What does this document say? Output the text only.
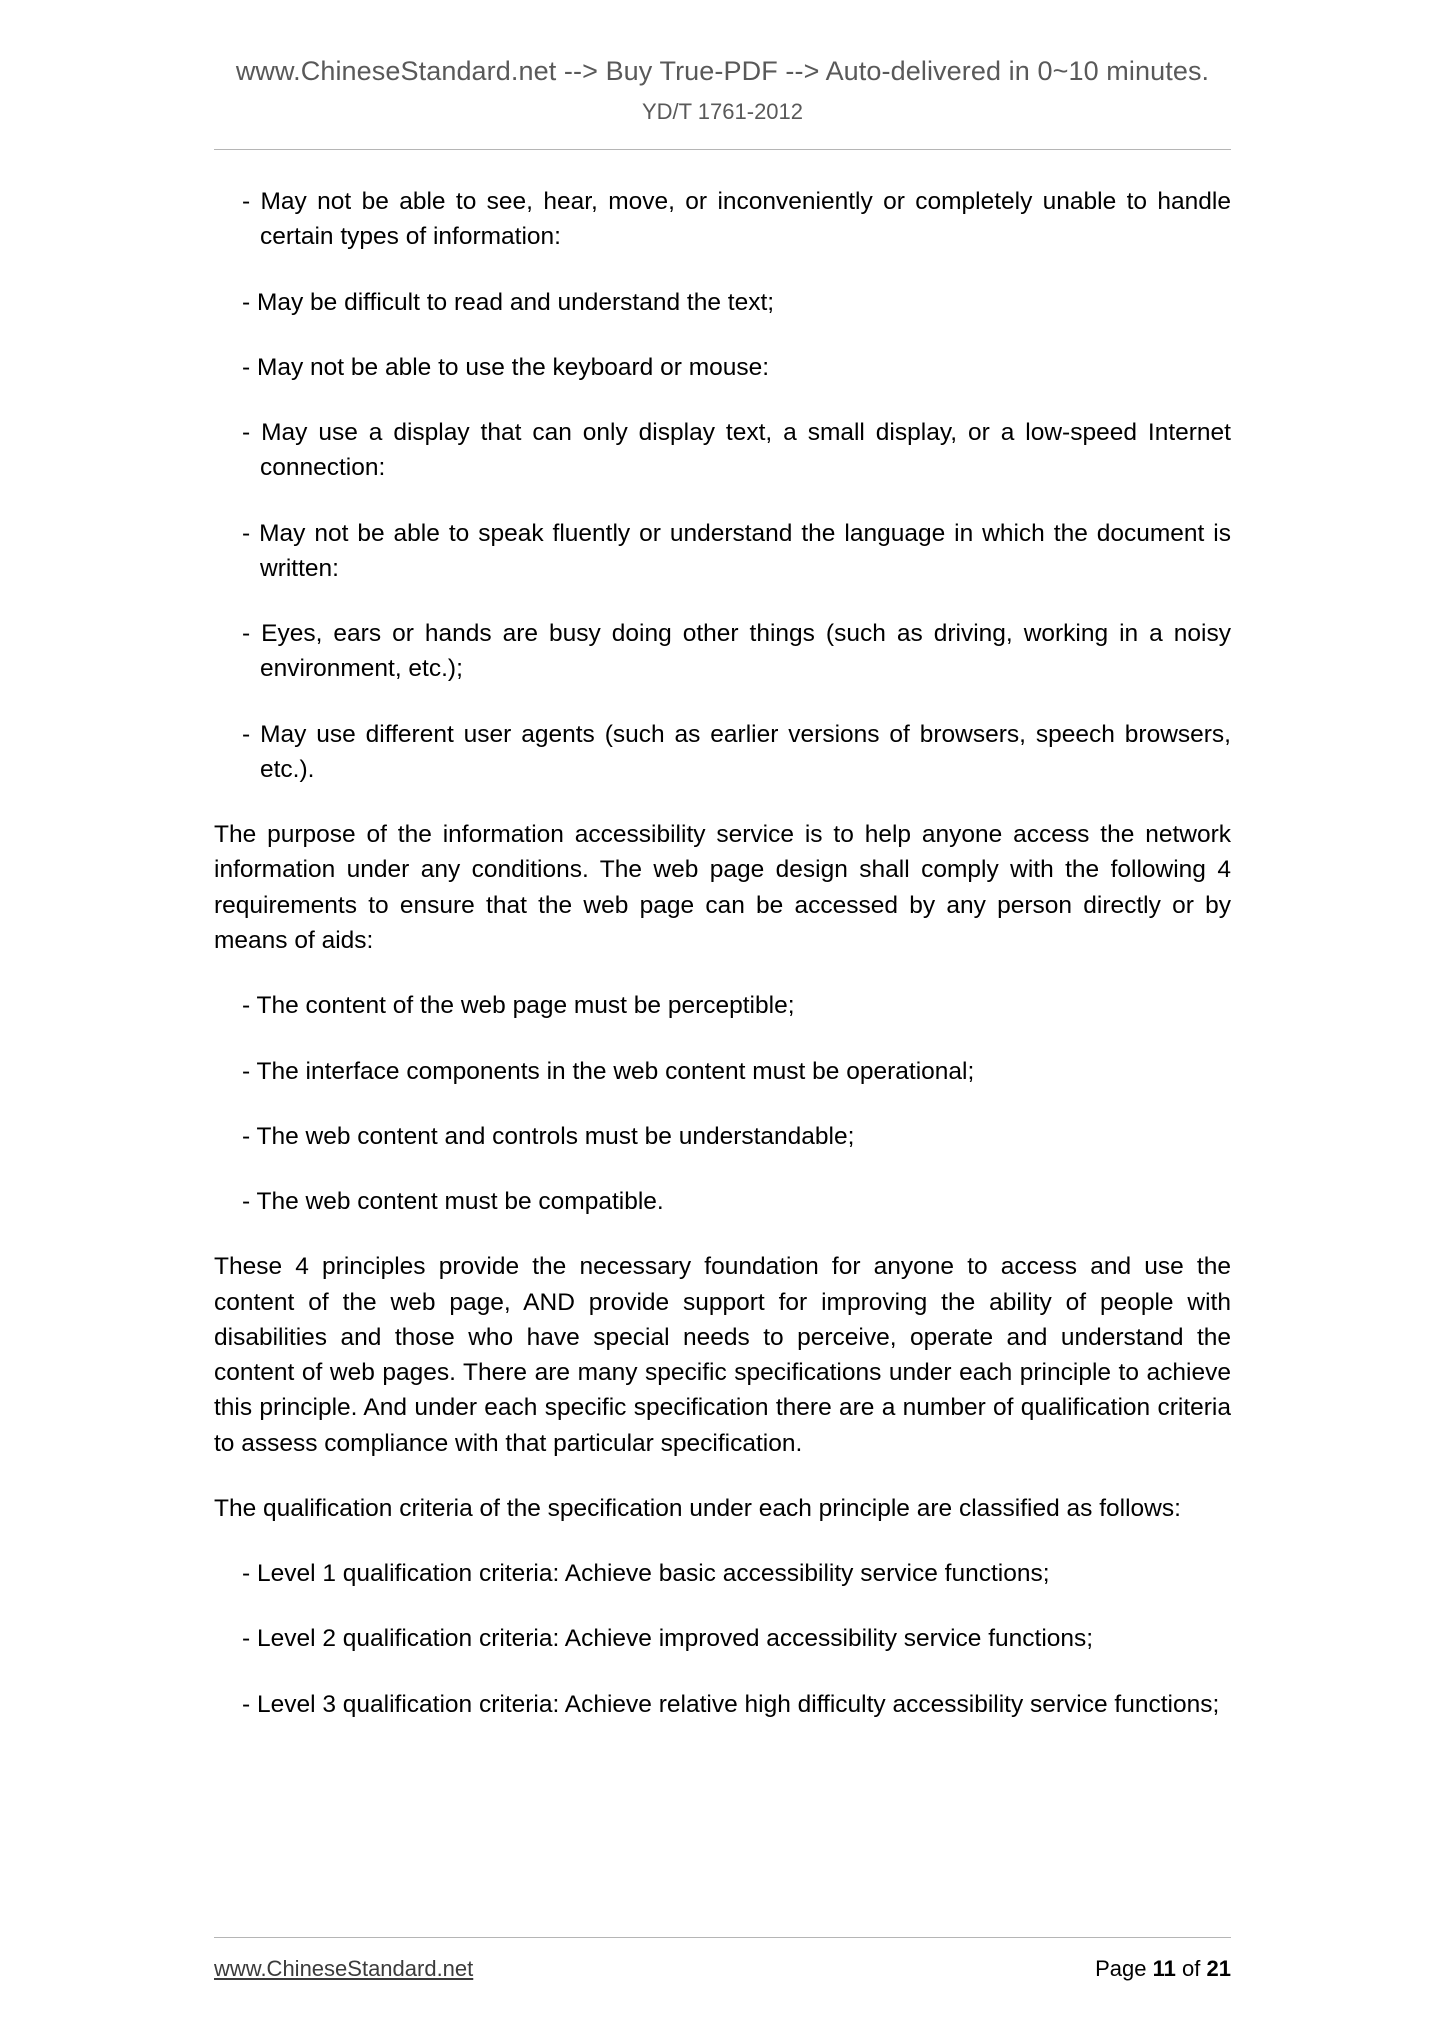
www.ChineseStandard.net --> Buy True-PDF --> Auto-delivered in 0~10 minutes.
YD/T 1761-2012
- May not be able to see, hear, move, or inconveniently or completely unable to handle certain types of information:
- May be difficult to read and understand the text;
- May not be able to use the keyboard or mouse:
- May use a display that can only display text, a small display, or a low-speed Internet connection:
- May not be able to speak fluently or understand the language in which the document is written:
- Eyes, ears or hands are busy doing other things (such as driving, working in a noisy environment, etc.);
- May use different user agents (such as earlier versions of browsers, speech browsers, etc.).

The purpose of the information accessibility service is to help anyone access the network information under any conditions. The web page design shall comply with the following 4 requirements to ensure that the web page can be accessed by any person directly or by means of aids:

- The content of the web page must be perceptible;
- The interface components in the web content must be operational;
- The web content and controls must be understandable;
- The web content must be compatible.

These 4 principles provide the necessary foundation for anyone to access and use the content of the web page, AND provide support for improving the ability of people with disabilities and those who have special needs to perceive, operate and understand the content of web pages. There are many specific specifications under each principle to achieve this principle. And under each specific specification there are a number of qualification criteria to assess compliance with that particular specification.

The qualification criteria of the specification under each principle are classified as follows:

- Level 1 qualification criteria: Achieve basic accessibility service functions;
- Level 2 qualification criteria: Achieve improved accessibility service functions;
- Level 3 qualification criteria: Achieve relative high difficulty accessibility service functions;
www.ChineseStandard.net	Page 11 of 21
